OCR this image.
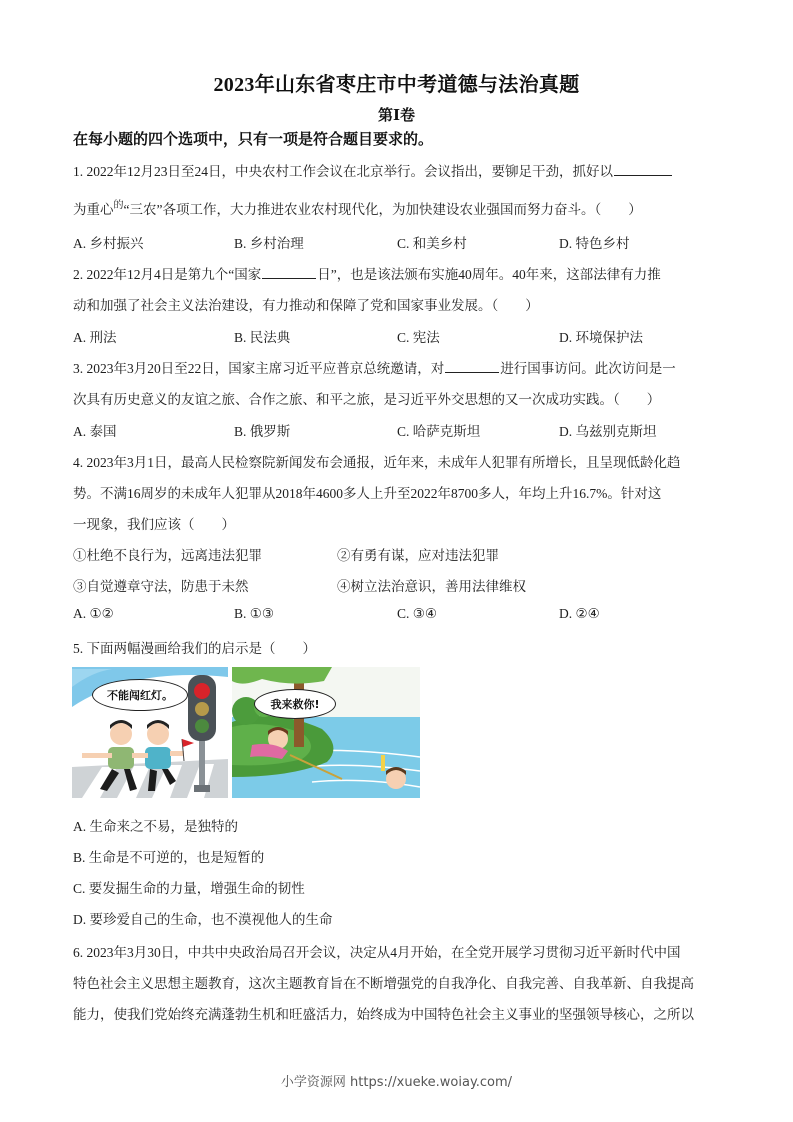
2023年山东省枣庄市中考道德与法治真题
第Ⅰ卷
在每小题的四个选项中，只有一项是符合题目要求的。
1. 2022年12月23日至24日，中央农村工作会议在北京举行。会议指出，要铆足干劲，抓好以
为重心$^的$“三农”各项工作，大力推进农业农村现代化，为加快建设农业强国而努力奋斗。（　　）
A. 乡村振兴	B. 乡村治理	C. 和美乡村	D. 特色乡村
2. 2022年12月4日是第九个“国家	日”，也是该法颁布实施40周年。40年来，这部法律有力推
动和加强了社会主义法治建设，有力推动和保障了党和国家事业发展。（　　）
A. 刑法	B. 民法典	C. 宪法	D. 环境保护法
3. 2023年3月20日至22日，国家主席习近平应普京总统邀请，对	进行国事访问。此次访问是一
次具有历史意义的友谊之旅、合作之旅、和平之旅，是习近平外交思想的又一次成功实践。（　　）
A. 泰国	B. 俄罗斯	C. 哈萨克斯坦	D. 乌兹别克斯坦
4. 2023年3月1日，最高人民检察院新闻发布会通报，近年来，未成年人犯罪有所增长，且呈现低龄化趋
势。不满16周岁的未成年人犯罪从2018年4600多人上升至2022年8700多人，年均上升16.7%。针对这
一现象，我们应该（　　）
①杜绝不良行为，远离违法犯罪	②有勇有谋，应对违法犯罪
③自觉遵章守法，防患于未然	④树立法治意识，善用法律维权
A. ①②	B. ①③	C. ③④	D. ②④
5. 下面两幅漫画给我们的启示是（　　）
不能闯红灯。
我来救你!
A. 生命来之不易，是独特的
B. 生命是不可逆的，也是短暂的
C. 要发掘生命的力量，增强生命的韧性
D. 要珍爱自己的生命，也不漠视他人的生命
6. 2023年3月30日，中共中央政治局召开会议，决定从4月开始，在全党开展学习贯彻习近平新时代中国
特色社会主义思想主题教育，这次主题教育旨在不断增强党的自我净化、自我完善、自我革新、自我提高
能力，使我们党始终充满蓬勃生机和旺盛活力，始终成为中国特色社会主义事业的坚强领导核心，之所以
小学资源网 https://xueke.woiay.com/
